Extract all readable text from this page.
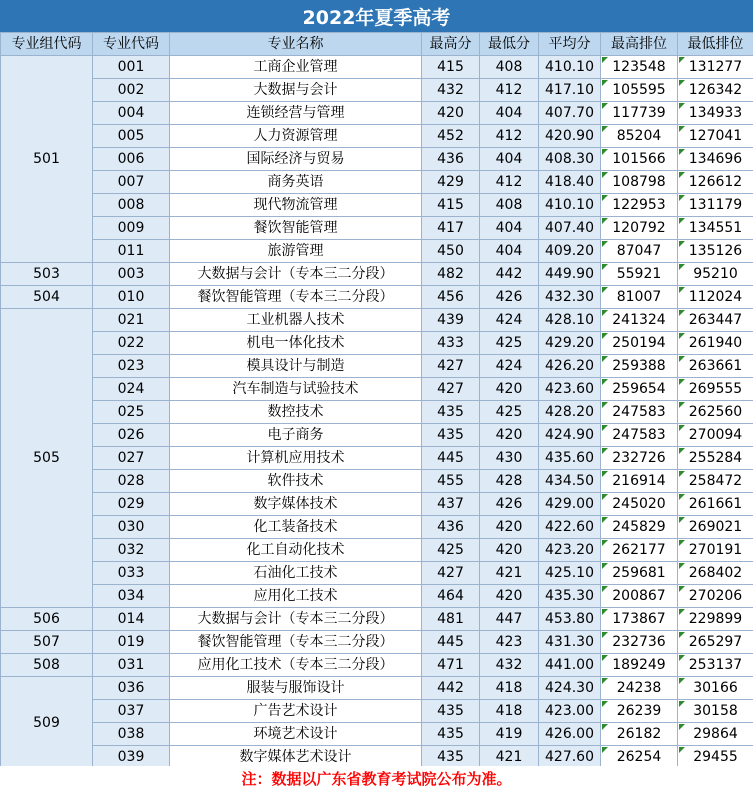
2022年夏季高考
专业组代码	专业代码	专业名称	最高分	最低分	平均分	最高排位	最低排位
501	001	工商企业管理	415	408	410.10	123548	131277
	002	大数据与会计	432	412	417.10	105595	126342
	004	连锁经营与管理	420	404	407.70	117739	134933
	005	人力资源管理	452	412	420.90	85204	127041
	006	国际经济与贸易	436	404	408.30	101566	134696
	007	商务英语	429	412	418.40	108798	126612
	008	现代物流管理	415	408	410.10	122953	131179
	009	餐饮智能管理	417	404	407.40	120792	134551
	011	旅游管理	450	404	409.20	87047	135126
503	003	大数据与会计（专本三二分段）	482	442	449.90	55921	95210
504	010	餐饮智能管理（专本三二分段）	456	426	432.30	81007	112024
505	021	工业机器人技术	439	424	428.10	241324	263447
	022	机电一体化技术	433	425	429.20	250194	261940
	023	模具设计与制造	427	424	426.20	259388	263661
	024	汽车制造与试验技术	427	420	423.60	259654	269555
	025	数控技术	435	425	428.20	247583	262560
	026	电子商务	435	420	424.90	247583	270094
	027	计算机应用技术	445	430	435.60	232726	255284
	028	软件技术	455	428	434.50	216914	258472
	029	数字媒体技术	437	426	429.00	245020	261661
	030	化工装备技术	436	420	422.60	245829	269021
	032	化工自动化技术	425	420	423.20	262177	270191
	033	石油化工技术	427	421	425.10	259681	268402
	034	应用化工技术	464	420	435.30	200867	270206
506	014	大数据与会计（专本三二分段）	481	447	453.80	173867	229899
507	019	餐饮智能管理（专本三二分段）	445	423	431.30	232736	265297
508	031	应用化工技术（专本三二分段）	471	432	441.00	189249	253137
509	036	服装与服饰设计	442	418	424.30	24238	30166
	037	广告艺术设计	435	418	423.00	26239	30158
	038	环境艺术设计	435	419	426.00	26182	29864
	039	数字媒体艺术设计	435	421	427.60	26254	29455
注：数据以广东省教育考试院公布为准。
